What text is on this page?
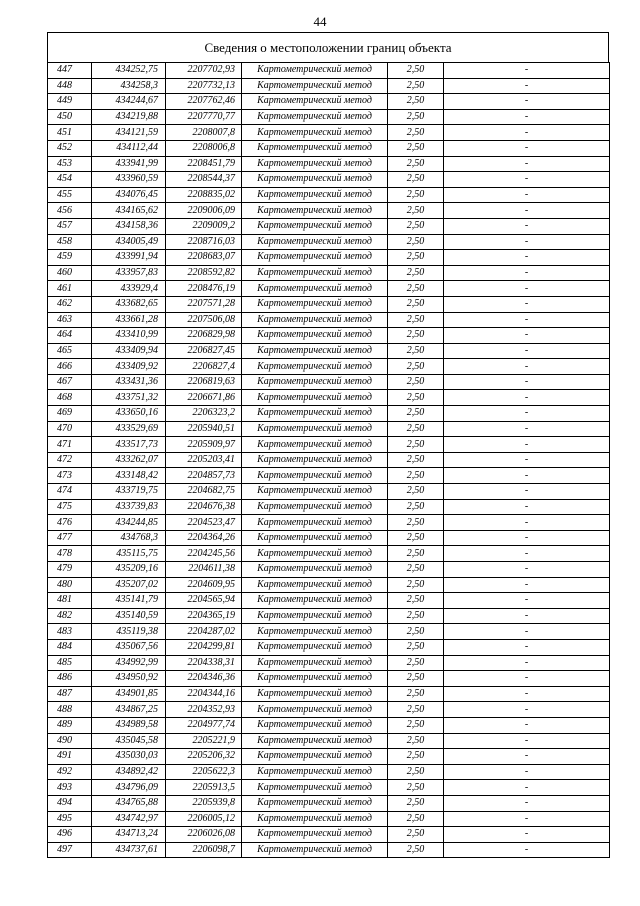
44
Сведения о местоположении границ объекта
447	434252,75	2207702,93	Картометрический метод	2,50	-
448	434258,3	2207732,13	Картометрический метод	2,50	-
449	434244,67	2207762,46	Картометрический метод	2,50	-
450	434219,88	2207770,77	Картометрический метод	2,50	-
451	434121,59	2208007,8	Картометрический метод	2,50	-
452	434112,44	2208006,8	Картометрический метод	2,50	-
453	433941,99	2208451,79	Картометрический метод	2,50	-
454	433960,59	2208544,37	Картометрический метод	2,50	-
455	434076,45	2208835,02	Картометрический метод	2,50	-
456	434165,62	2209006,09	Картометрический метод	2,50	-
457	434158,36	2209009,2	Картометрический метод	2,50	-
458	434005,49	2208716,03	Картометрический метод	2,50	-
459	433991,94	2208683,07	Картометрический метод	2,50	-
460	433957,83	2208592,82	Картометрический метод	2,50	-
461	433929,4	2208476,19	Картометрический метод	2,50	-
462	433682,65	2207571,28	Картометрический метод	2,50	-
463	433661,28	2207506,08	Картометрический метод	2,50	-
464	433410,99	2206829,98	Картометрический метод	2,50	-
465	433409,94	2206827,45	Картометрический метод	2,50	-
466	433409,92	2206827,4	Картометрический метод	2,50	-
467	433431,36	2206819,63	Картометрический метод	2,50	-
468	433751,32	2206671,86	Картометрический метод	2,50	-
469	433650,16	2206323,2	Картометрический метод	2,50	-
470	433529,69	2205940,51	Картометрический метод	2,50	-
471	433517,73	2205909,97	Картометрический метод	2,50	-
472	433262,07	2205203,41	Картометрический метод	2,50	-
473	433148,42	2204857,73	Картометрический метод	2,50	-
474	433719,75	2204682,75	Картометрический метод	2,50	-
475	433739,83	2204676,38	Картометрический метод	2,50	-
476	434244,85	2204523,47	Картометрический метод	2,50	-
477	434768,3	2204364,26	Картометрический метод	2,50	-
478	435115,75	2204245,56	Картометрический метод	2,50	-
479	435209,16	2204611,38	Картометрический метод	2,50	-
480	435207,02	2204609,95	Картометрический метод	2,50	-
481	435141,79	2204565,94	Картометрический метод	2,50	-
482	435140,59	2204365,19	Картометрический метод	2,50	-
483	435119,38	2204287,02	Картометрический метод	2,50	-
484	435067,56	2204299,81	Картометрический метод	2,50	-
485	434992,99	2204338,31	Картометрический метод	2,50	-
486	434950,92	2204346,36	Картометрический метод	2,50	-
487	434901,85	2204344,16	Картометрический метод	2,50	-
488	434867,25	2204352,93	Картометрический метод	2,50	-
489	434989,58	2204977,74	Картометрический метод	2,50	-
490	435045,58	2205221,9	Картометрический метод	2,50	-
491	435030,03	2205206,32	Картометрический метод	2,50	-
492	434892,42	2205622,3	Картометрический метод	2,50	-
493	434796,09	2205913,5	Картометрический метод	2,50	-
494	434765,88	2205939,8	Картометрический метод	2,50	-
495	434742,97	2206005,12	Картометрический метод	2,50	-
496	434713,24	2206026,08	Картометрический метод	2,50	-
497	434737,61	2206098,7	Картометрический метод	2,50	-
